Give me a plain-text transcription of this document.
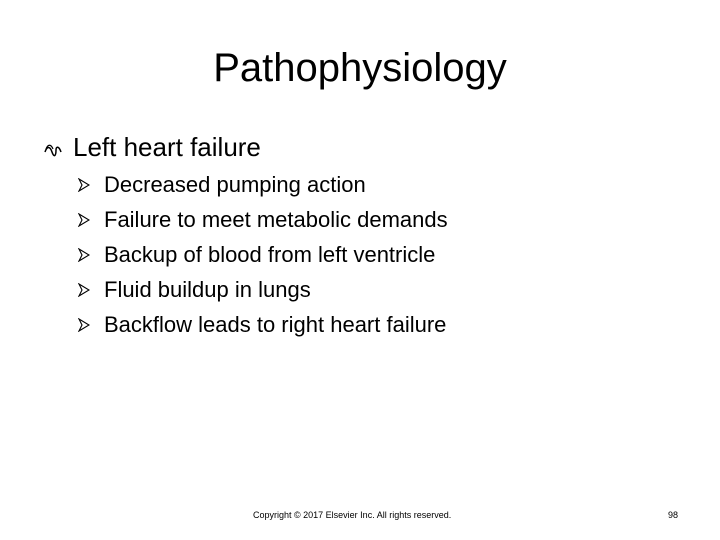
Pathophysiology
Left heart failure
Decreased pumping action
Failure to meet metabolic demands
Backup of blood from left ventricle
Fluid buildup in lungs
Backflow leads to right heart failure
Copyright © 2017 Elsevier Inc. All rights reserved.	98
